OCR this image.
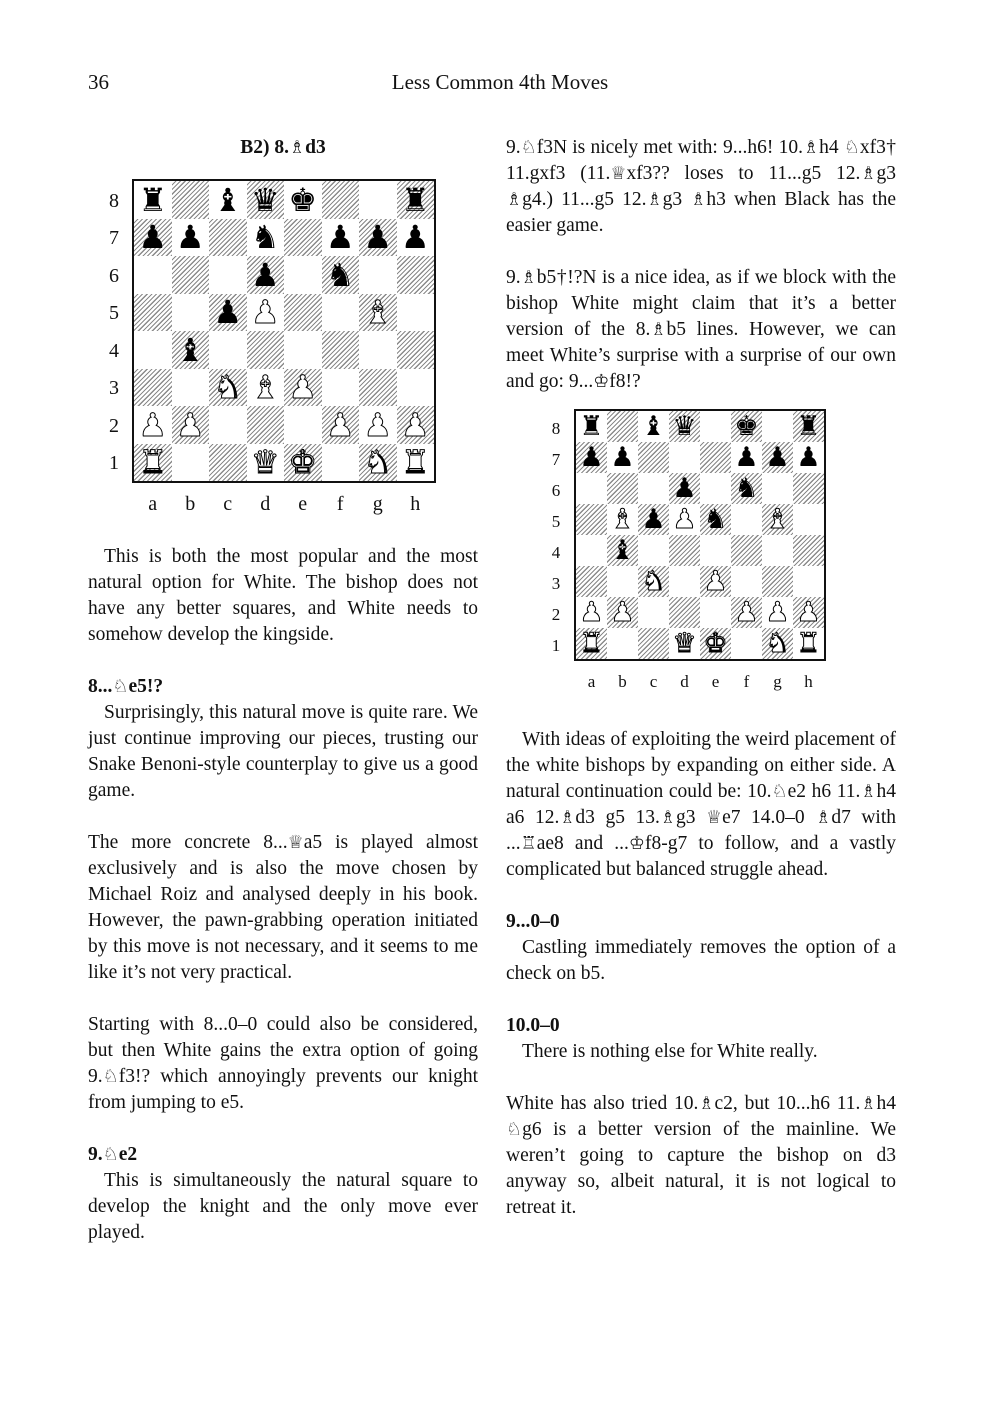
36	Less Common 4th Moves
B2) 8.♗d3
♜ ♝ ♛ ♚	♜
♟ ♟ ♞ ♟ ♟ ♟
♟ ♞
♟ ♟	♝
♝
♞ ♝ ♟
♟ ♟	♟ ♟ ♟
♜	♛ ♚ ♞ ♜
8
7
6
5
4
3
2
1
a	b	c	d	e	f	g	h

This is both the most popular and the most natural option for White. The bishop does not have any better squares, and White needs to somehow develop the kingside.

8...♘e5!?

Surprisingly, this natural move is quite rare. We just continue improving our pieces, trusting our Snake Benoni-style counterplay to give us a good game.

The more concrete 8...♕a5 is played almost exclusively and is also the move chosen by Michael Roiz and analysed deeply in his book. However, the pawn-grabbing operation initiated by this move is not necessary, and it seems to me like it’s not very practical.

Starting with 8...0–0 could also be considered, but then White gains the extra option of going 9.♘f3!? which annoyingly prevents our knight from jumping to e5.

9.♘e2

This is simultaneously the natural square to develop the knight and the only move ever played.

9.♘f3N is nicely met with: 9...h6! 10.♗h4 ♘xf3† 11.gxf3 (11.♕xf3?? loses to 11...g5 12.♗g3 ♗g4.) 11...g5 12.♗g3 ♗h3 when Black has the easier game.

9.♗b5†!?N is a nice idea, as if we block with the bishop White might claim that it’s a better version of the 8.♗b5 lines. However, we can meet White’s surprise with a surprise of our own and go: 9...♔f8!?

♜ ♝ ♛ ♚ ♜
♟ ♟	♟ ♟ ♟
♟ ♞
♝ ♟ ♟ ♞ ♝
♝
♞ ♟
♟ ♟	♟ ♟ ♟
♜	♛ ♚ ♞ ♜
8
7
6
5
4
3
2
1
a	b	c	d	e	f	g	h

With ideas of exploiting the weird placement of the white bishops by expanding on either side. A natural continuation could be: 10.♘e2 h6 11.♗h4 a6 12.♗d3 g5 13.♗g3 ♕e7 14.0–0 ♗d7 with ...♖ae8 and ...♔f8-g7 to follow, and a vastly complicated but balanced struggle ahead.

9...0–0

Castling immediately removes the option of a check on b5.

10.0–0

There is nothing else for White really.

White has also tried 10.♗c2, but 10...h6 11.♗h4 ♘g6 is a better version of the mainline. We weren’t going to capture the bishop on d3 anyway so, albeit natural, it is not logical to retreat it.
